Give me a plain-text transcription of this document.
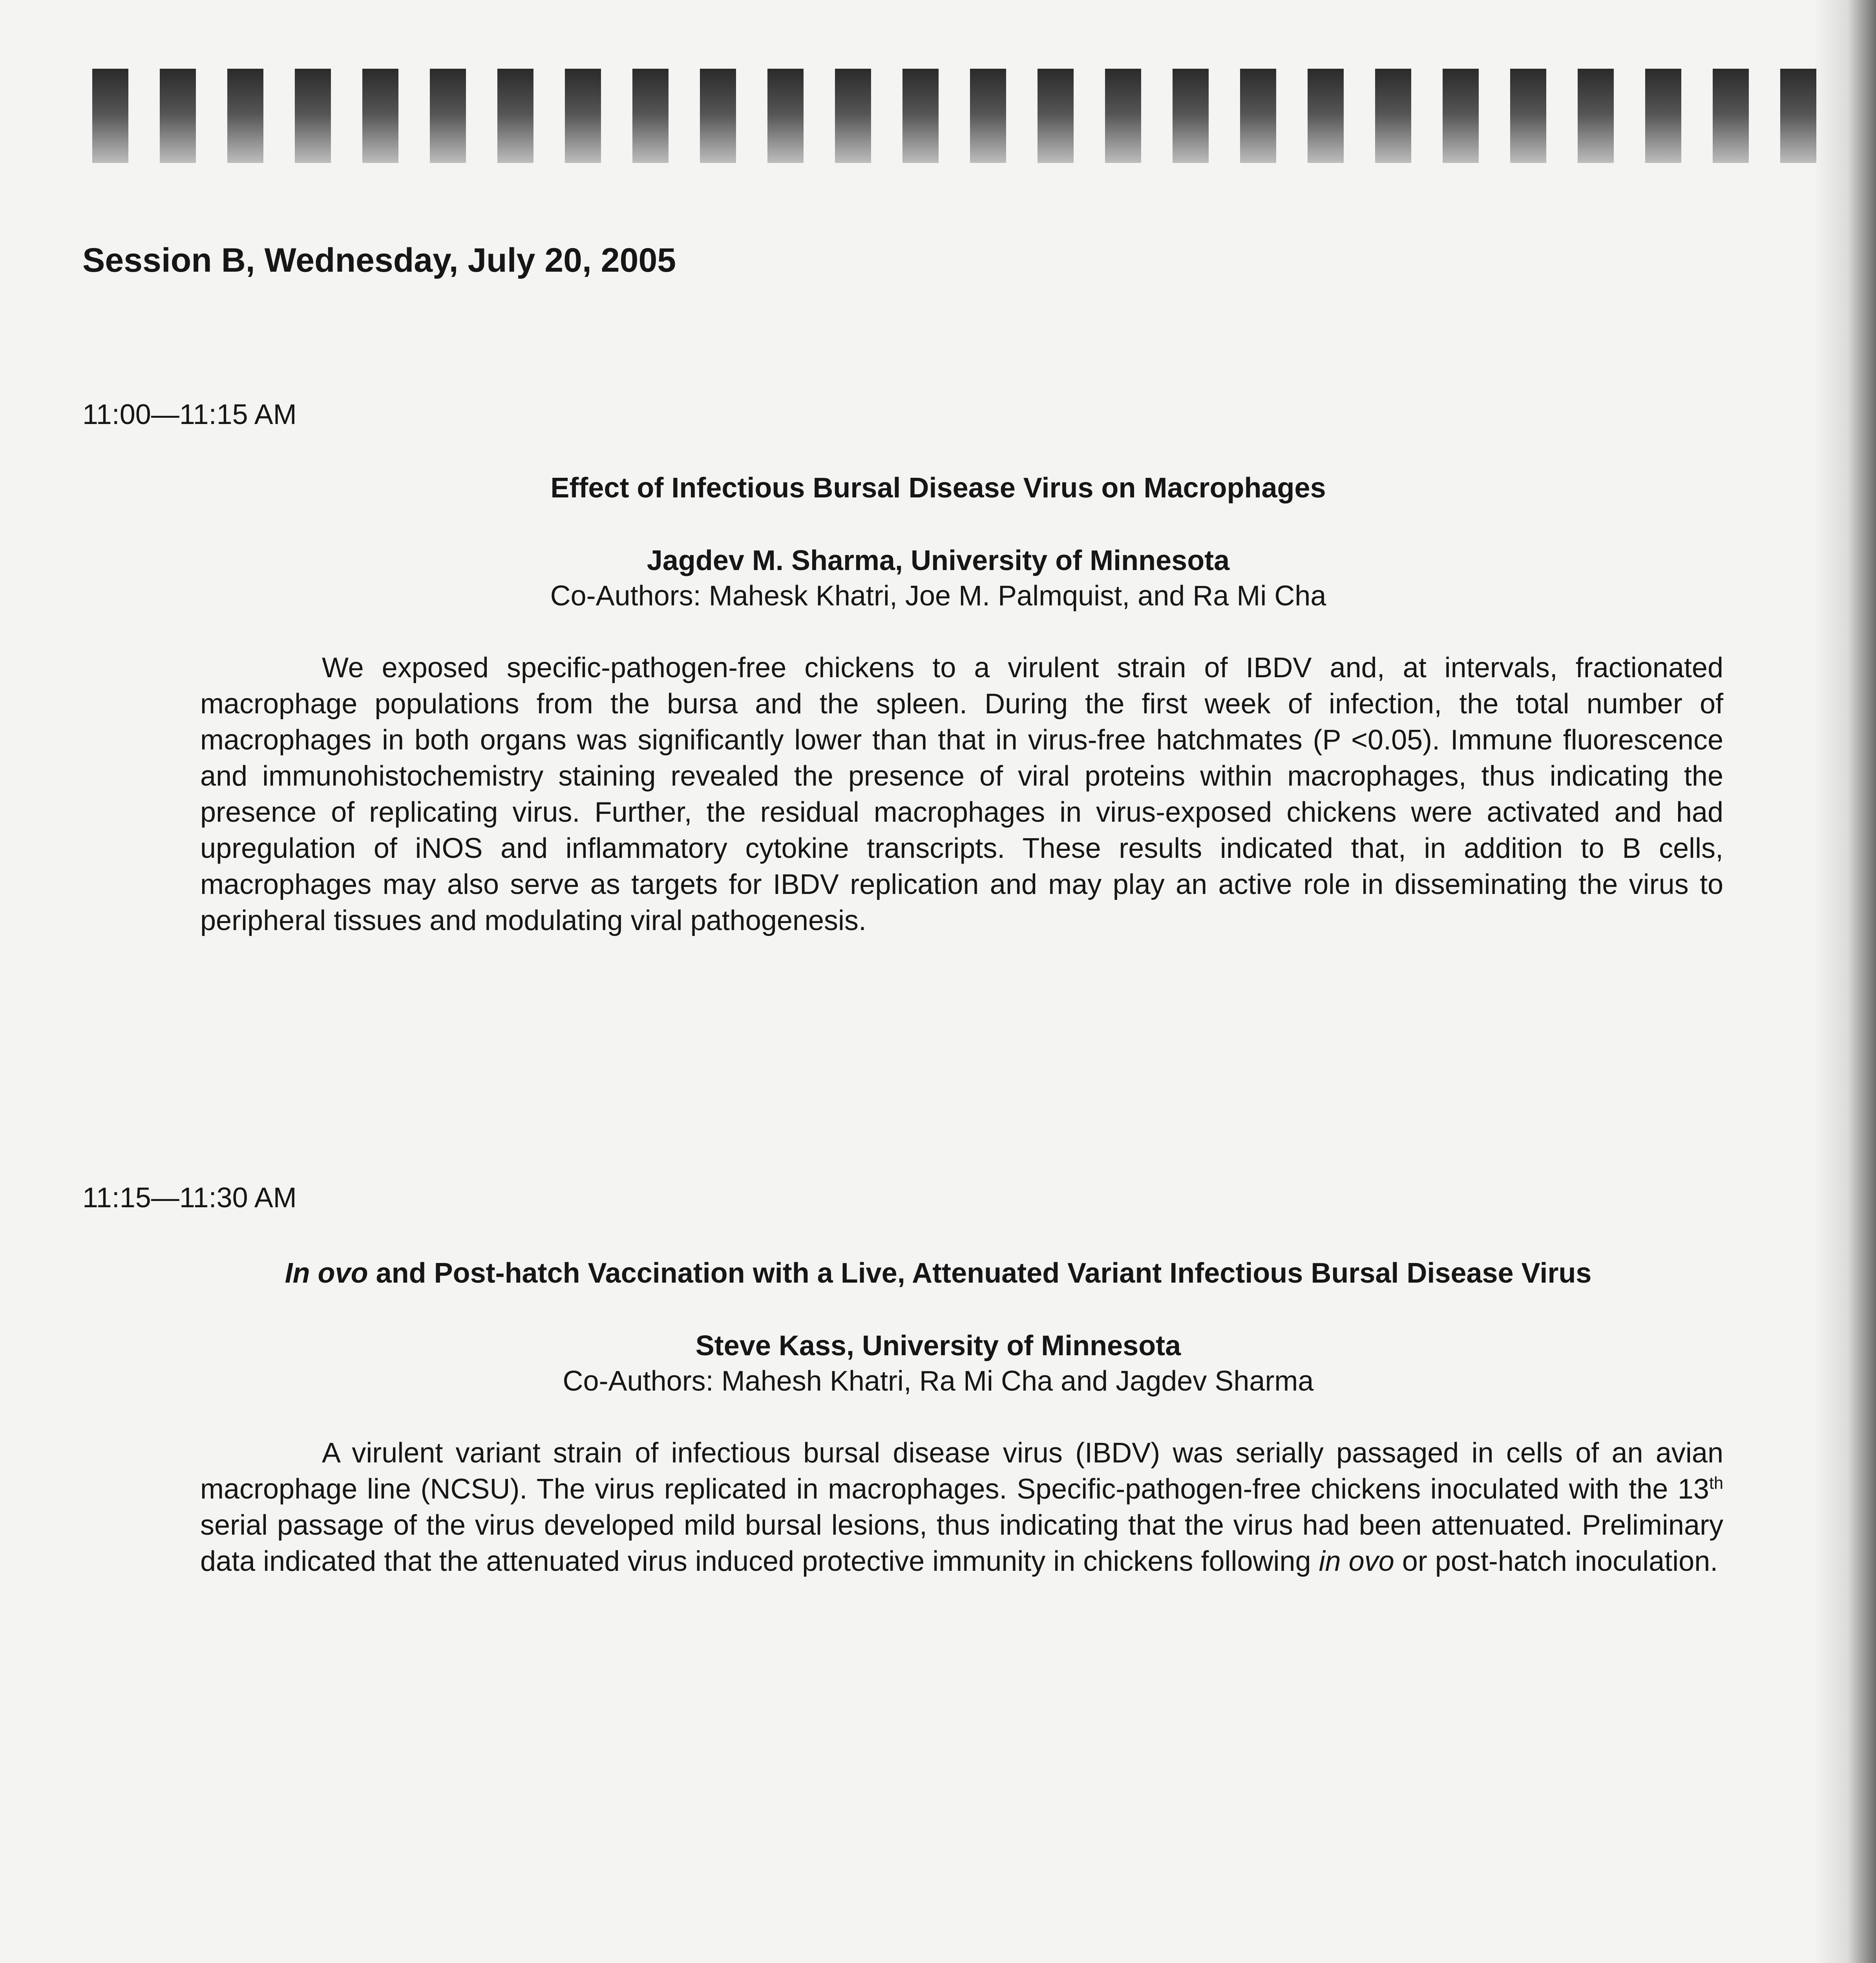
Session B, Wednesday, July 20, 2005
11:00—11:15 AM
Effect of Infectious Bursal Disease Virus on Macrophages
Jagdev M. Sharma, University of Minnesota
Co-Authors: Mahesk Khatri, Joe M. Palmquist, and Ra Mi Cha
We exposed specific-pathogen-free chickens to a virulent strain of IBDV and, at intervals, fractionated macrophage populations from the bursa and the spleen. During the first week of infection, the total number of macrophages in both organs was significantly lower than that in virus-free hatchmates (P <0.05). Immune fluorescence and immunohistochemistry staining revealed the presence of viral proteins within macrophages, thus indicating the presence of replicating virus. Further, the residual macrophages in virus-exposed chickens were activated and had upregulation of iNOS and inflammatory cytokine transcripts. These results indicated that, in addition to B cells, macrophages may also serve as targets for IBDV replication and may play an active role in disseminating the virus to peripheral tissues and modulating viral pathogenesis.
11:15—11:30 AM
In ovo and Post-hatch Vaccination with a Live, Attenuated Variant Infectious Bursal Disease Virus
Steve Kass, University of Minnesota
Co-Authors: Mahesh Khatri, Ra Mi Cha and Jagdev Sharma
A virulent variant strain of infectious bursal disease virus (IBDV) was serially passaged in cells of an avian macrophage line (NCSU). The virus replicated in macrophages. Specific-pathogen-free chickens inoculated with the 13th serial passage of the virus developed mild bursal lesions, thus indicating that the virus had been attenuated. Preliminary data indicated that the attenuated virus induced protective immunity in chickens following in ovo or post-hatch inoculation.
